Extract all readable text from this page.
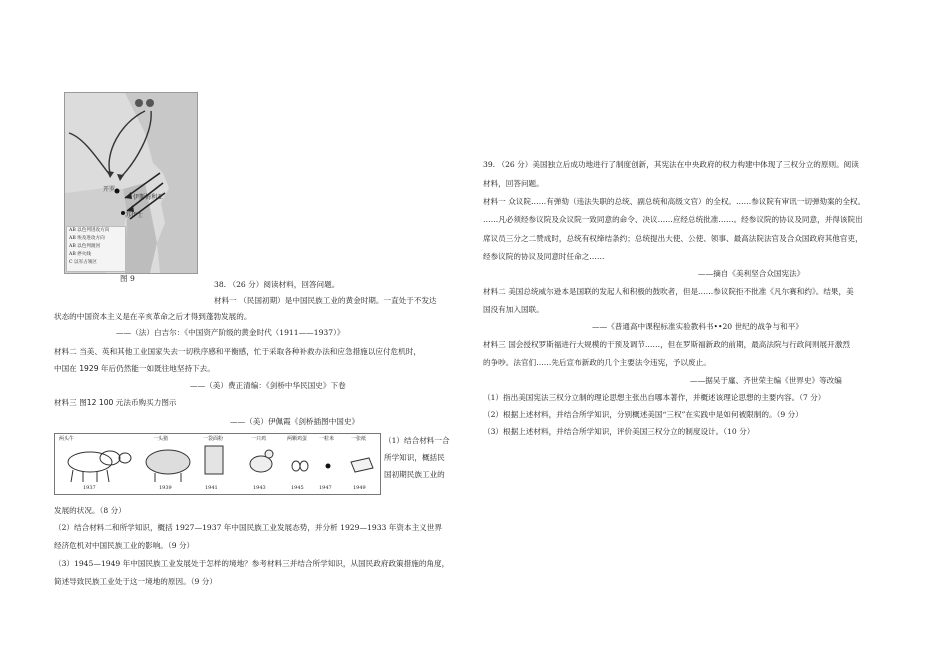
开罗
苏伊士
伊斯梅利亚
AB 以色列进攻方向
AB 埃及进攻方向
AB 以色列渡河
AB 停火线
C 以军占领区
图 9
38. （26 分）阅读材料，回答问题。
材料一 （民国初期）是中国民族工业的黄金时期。一直处于不发达
状态的中国资本主义是在辛亥革命之后才得到蓬勃发展的。
——（法）白吉尔：《中国资产阶级的黄金时代（1911——1937）》
材料二 当美、英和其他工业国家失去一切秩序感和平衡感，忙于采取各种补救办法和应急措施以应付危机时，
中国在 1929 年后仍然能一如既往地坚持下去。
——（美）费正清编：《剑桥中华民国史》下卷
材料三 图12 100 元法币购买力图示
——（美）伊佩霞《剑桥插图中国史》
两头牛	一头猪	一袋面粉	一只鸡	两颗鸡蛋 一粒米	一张纸
1937	1939	1941	1943	1945	1947	1949
（1）结合材料一合
所学知识，概括民
国初期民族工业的
发展的状况。（8 分）
（2）结合材料二和所学知识，概括 1927—1937 年中国民族工业发展态势，并分析 1929—1933 年资本主义世界
经济危机对中国民族工业的影响。（9 分）
（3）1945—1949 年中国民族工业发展处于怎样的境地？参考材料三并结合所学知识，从国民政府政策措施的角度，
简述导致民族工业处于这一境地的原因。（9 分）
39. （26 分）美国独立后成功地进行了制度创新，其宪法在中央政府的权力构建中体现了三权分立的原则。阅读
材料，回答问题。
材料一 众议院……有弹劾（违法失职的总统、副总统和高级文官）的全权。……参议院有审讯一切弹劾案的全权。
……凡必须经参议院及众议院一致同意的命令、决议……应经总统批准……。经参议院的协议及同意，并得该院出
席议员三分之二赞成时，总统有权缔结条约；总统提出大使、公使、领事、最高法院法官及合众国政府其他官吏，
经参议院的协议及同意时任命之……
——摘自《美利坚合众国宪法》
材料二 美国总统威尔逊本是国联的发起人和积极的鼓吹者，但是……参议院拒不批准《凡尔赛和约》。结果，美
国没有加入国联。
——《普通高中课程标准实验教科书••20 世纪的战争与和平》
材料三 国会授权罗斯福进行大规模的干预及调节……，但在罗斯福新政的前期，最高法院与行政间则展开激烈
的争吵。法官们……先后宣布新政的几个主要法令违宪，予以废止。
——据吴于廑、齐世荣主编《世界史》等改编
（1）指出美国宪法三权分立制的理论思想主张出自哪本著作，并概述该理论思想的主要内容。（7 分）
（2）根据上述材料，并结合所学知识，分别概述美国“三权”在实践中是如何被限制的。（9 分）
（3）根据上述材料，并结合所学知识，评价美国三权分立的制度设计。（10 分）
